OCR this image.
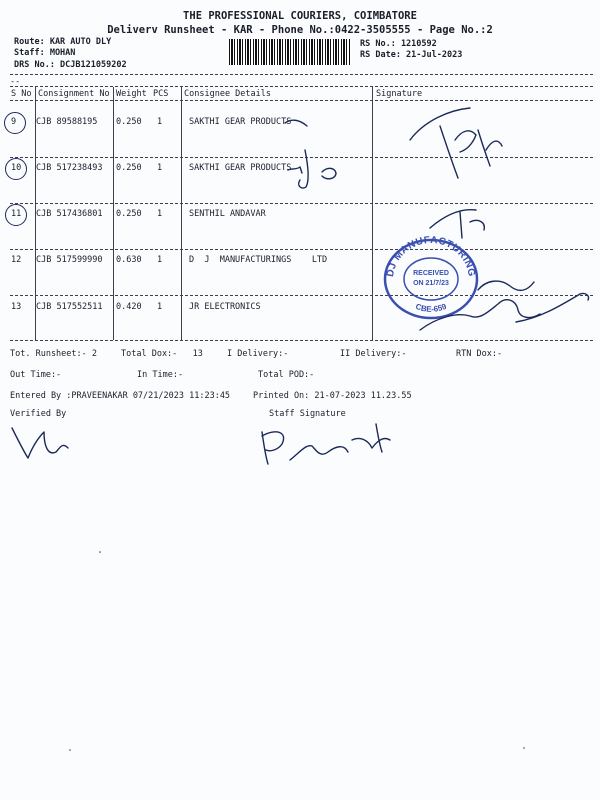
THE PROFESSIONAL COURIERS, COIMBATORE
Deliverv Runsheet - KAR - Phone No.:0422-3505555 - Page No.:2
Route: KAR AUTO DLY
Staff: MOHAN
DRS No.: DCJB121059202
RS No.: 1210592
RS Date: 21-Jul-2023
--
S No Consignment No Weight PCS Consignee Details	Signature
9 CJB 89588195 0.250 1	SAKTHI GEAR PRODUCTS
10 CJB 517238493 0.250 1	SAKTHI GEAR PRODUCTS
11 CJB 517436801 0.250 1	SENTHIL ANDAVAR
12 CJB 517599990 0.630 1	D  J  MANUFACTURINGS    LTD
13 CJB 517552511 0.420 1	JR ELECTRONICS
Tot. Runsheet:- 2	Total Dox:-   13	I Delivery:-	II Delivery:-	RTN Dox:-
Out Time:-	In Time:-	Total POD:-
Entered By :PRAVEENAKAR 07/21/2023 11:23:45	Printed On: 21-07-2023 11.23.55
Verified By	Staff Signature
DJ MANUFACTURING
CBE-659
RECEIVED
ON 21/7/23
